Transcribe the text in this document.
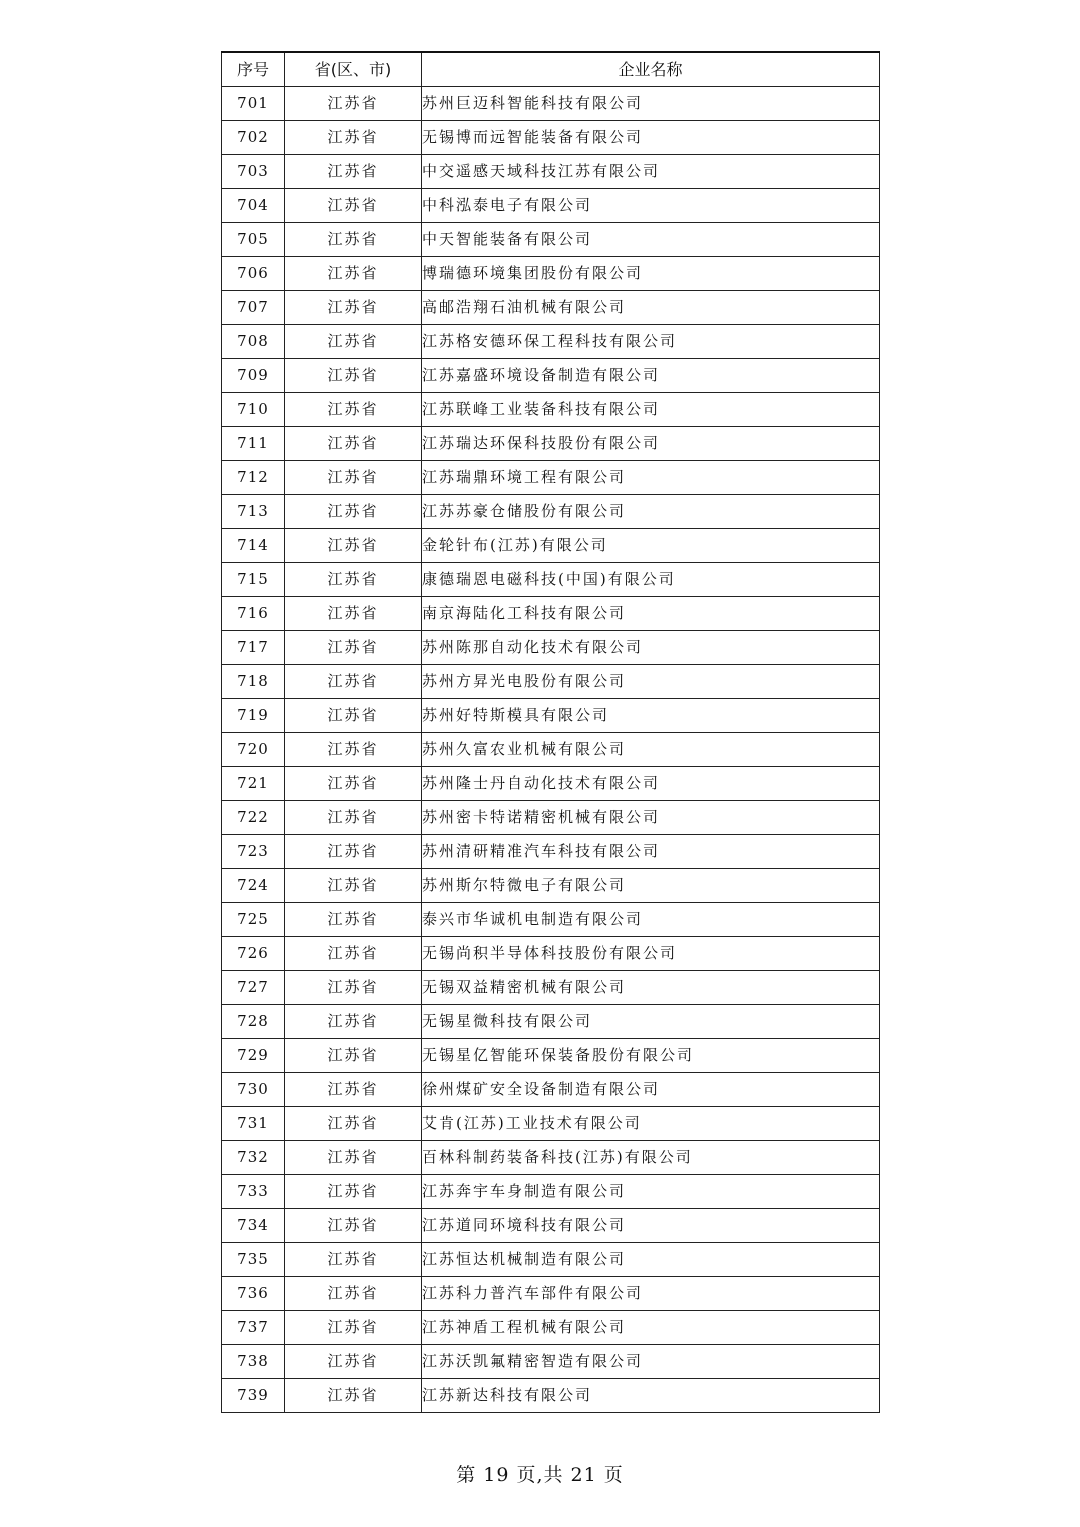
序号	省(区、市)	企业名称
701	江苏省	苏州巨迈科智能科技有限公司
702	江苏省	无锡博而远智能装备有限公司
703	江苏省	中交遥感天域科技江苏有限公司
704	江苏省	中科泓泰电子有限公司
705	江苏省	中天智能装备有限公司
706	江苏省	博瑞德环境集团股份有限公司
707	江苏省	高邮浩翔石油机械有限公司
708	江苏省	江苏格安德环保工程科技有限公司
709	江苏省	江苏嘉盛环境设备制造有限公司
710	江苏省	江苏联峰工业装备科技有限公司
711	江苏省	江苏瑞达环保科技股份有限公司
712	江苏省	江苏瑞鼎环境工程有限公司
713	江苏省	江苏苏豪仓储股份有限公司
714	江苏省	金轮针布(江苏)有限公司
715	江苏省	康德瑞恩电磁科技(中国)有限公司
716	江苏省	南京海陆化工科技有限公司
717	江苏省	苏州陈那自动化技术有限公司
718	江苏省	苏州方昇光电股份有限公司
719	江苏省	苏州好特斯模具有限公司
720	江苏省	苏州久富农业机械有限公司
721	江苏省	苏州隆士丹自动化技术有限公司
722	江苏省	苏州密卡特诺精密机械有限公司
723	江苏省	苏州清研精准汽车科技有限公司
724	江苏省	苏州斯尔特微电子有限公司
725	江苏省	泰兴市华诚机电制造有限公司
726	江苏省	无锡尚积半导体科技股份有限公司
727	江苏省	无锡双益精密机械有限公司
728	江苏省	无锡星微科技有限公司
729	江苏省	无锡星亿智能环保装备股份有限公司
730	江苏省	徐州煤矿安全设备制造有限公司
731	江苏省	艾肯(江苏)工业技术有限公司
732	江苏省	百林科制药装备科技(江苏)有限公司
733	江苏省	江苏奔宇车身制造有限公司
734	江苏省	江苏道同环境科技有限公司
735	江苏省	江苏恒达机械制造有限公司
736	江苏省	江苏科力普汽车部件有限公司
737	江苏省	江苏神盾工程机械有限公司
738	江苏省	江苏沃凯氟精密智造有限公司
739	江苏省	江苏新达科技有限公司
第 19 页,共 21 页
